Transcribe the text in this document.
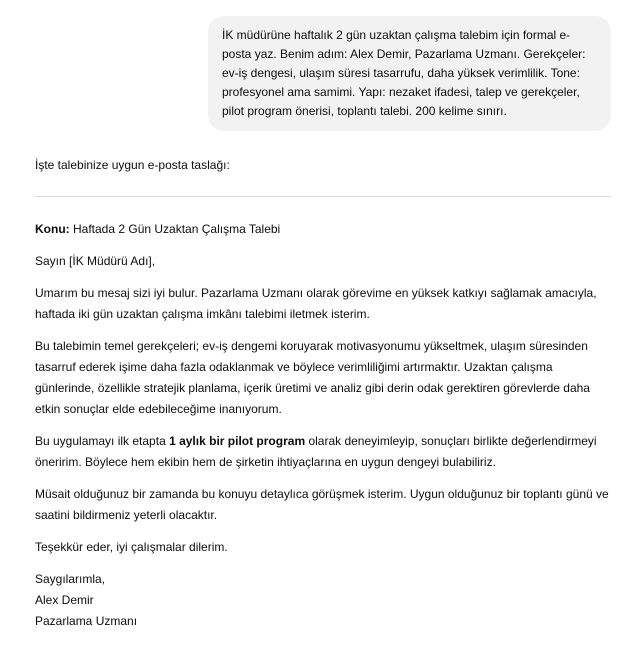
İK müdürüne haftalık 2 gün uzaktan çalışma talebim için formal e-posta yaz. Benim adım: Alex Demir, Pazarlama Uzmanı. Gerekçeler: ev-iş dengesi, ulaşım süresi tasarrufu, daha yüksek verimlilik. Tone: profesyonel ama samimi. Yapı: nezaket ifadesi, talep ve gerekçeler, pilot program önerisi, toplantı talebi. 200 kelime sınırı.

İşte talebinize uygun e-posta taslağı:

Konu: Haftada 2 Gün Uzaktan Çalışma Talebi

Sayın [İK Müdürü Adı],

Umarım bu mesaj sizi iyi bulur. Pazarlama Uzmanı olarak görevime en yüksek katkıyı sağlamak amacıyla, haftada iki gün uzaktan çalışma imkânı talebimi iletmek isterim.

Bu talebimin temel gerekçeleri; ev-iş dengemi koruyarak motivasyonumu yükseltmek, ulaşım süresinden tasarruf ederek işime daha fazla odaklanmak ve böylece verimliliğimi artırmaktır. Uzaktan çalışma günlerinde, özellikle stratejik planlama, içerik üretimi ve analiz gibi derin odak gerektiren görevlerde daha etkin sonuçlar elde edebileceğime inanıyorum.

Bu uygulamayı ilk etapta 1 aylık bir pilot program olarak deneyimleyip, sonuçları birlikte değerlendirmeyi öneririm. Böylece hem ekibin hem de şirketin ihtiyaçlarına en uygun dengeyi bulabiliriz.

Müsait olduğunuz bir zamanda bu konuyu detaylıca görüşmek isterim. Uygun olduğunuz bir toplantı günü ve saatini bildirmeniz yeterli olacaktır.

Teşekkür eder, iyi çalışmalar dilerim.

Saygılarımla,

Alex Demir

Pazarlama Uzmanı
